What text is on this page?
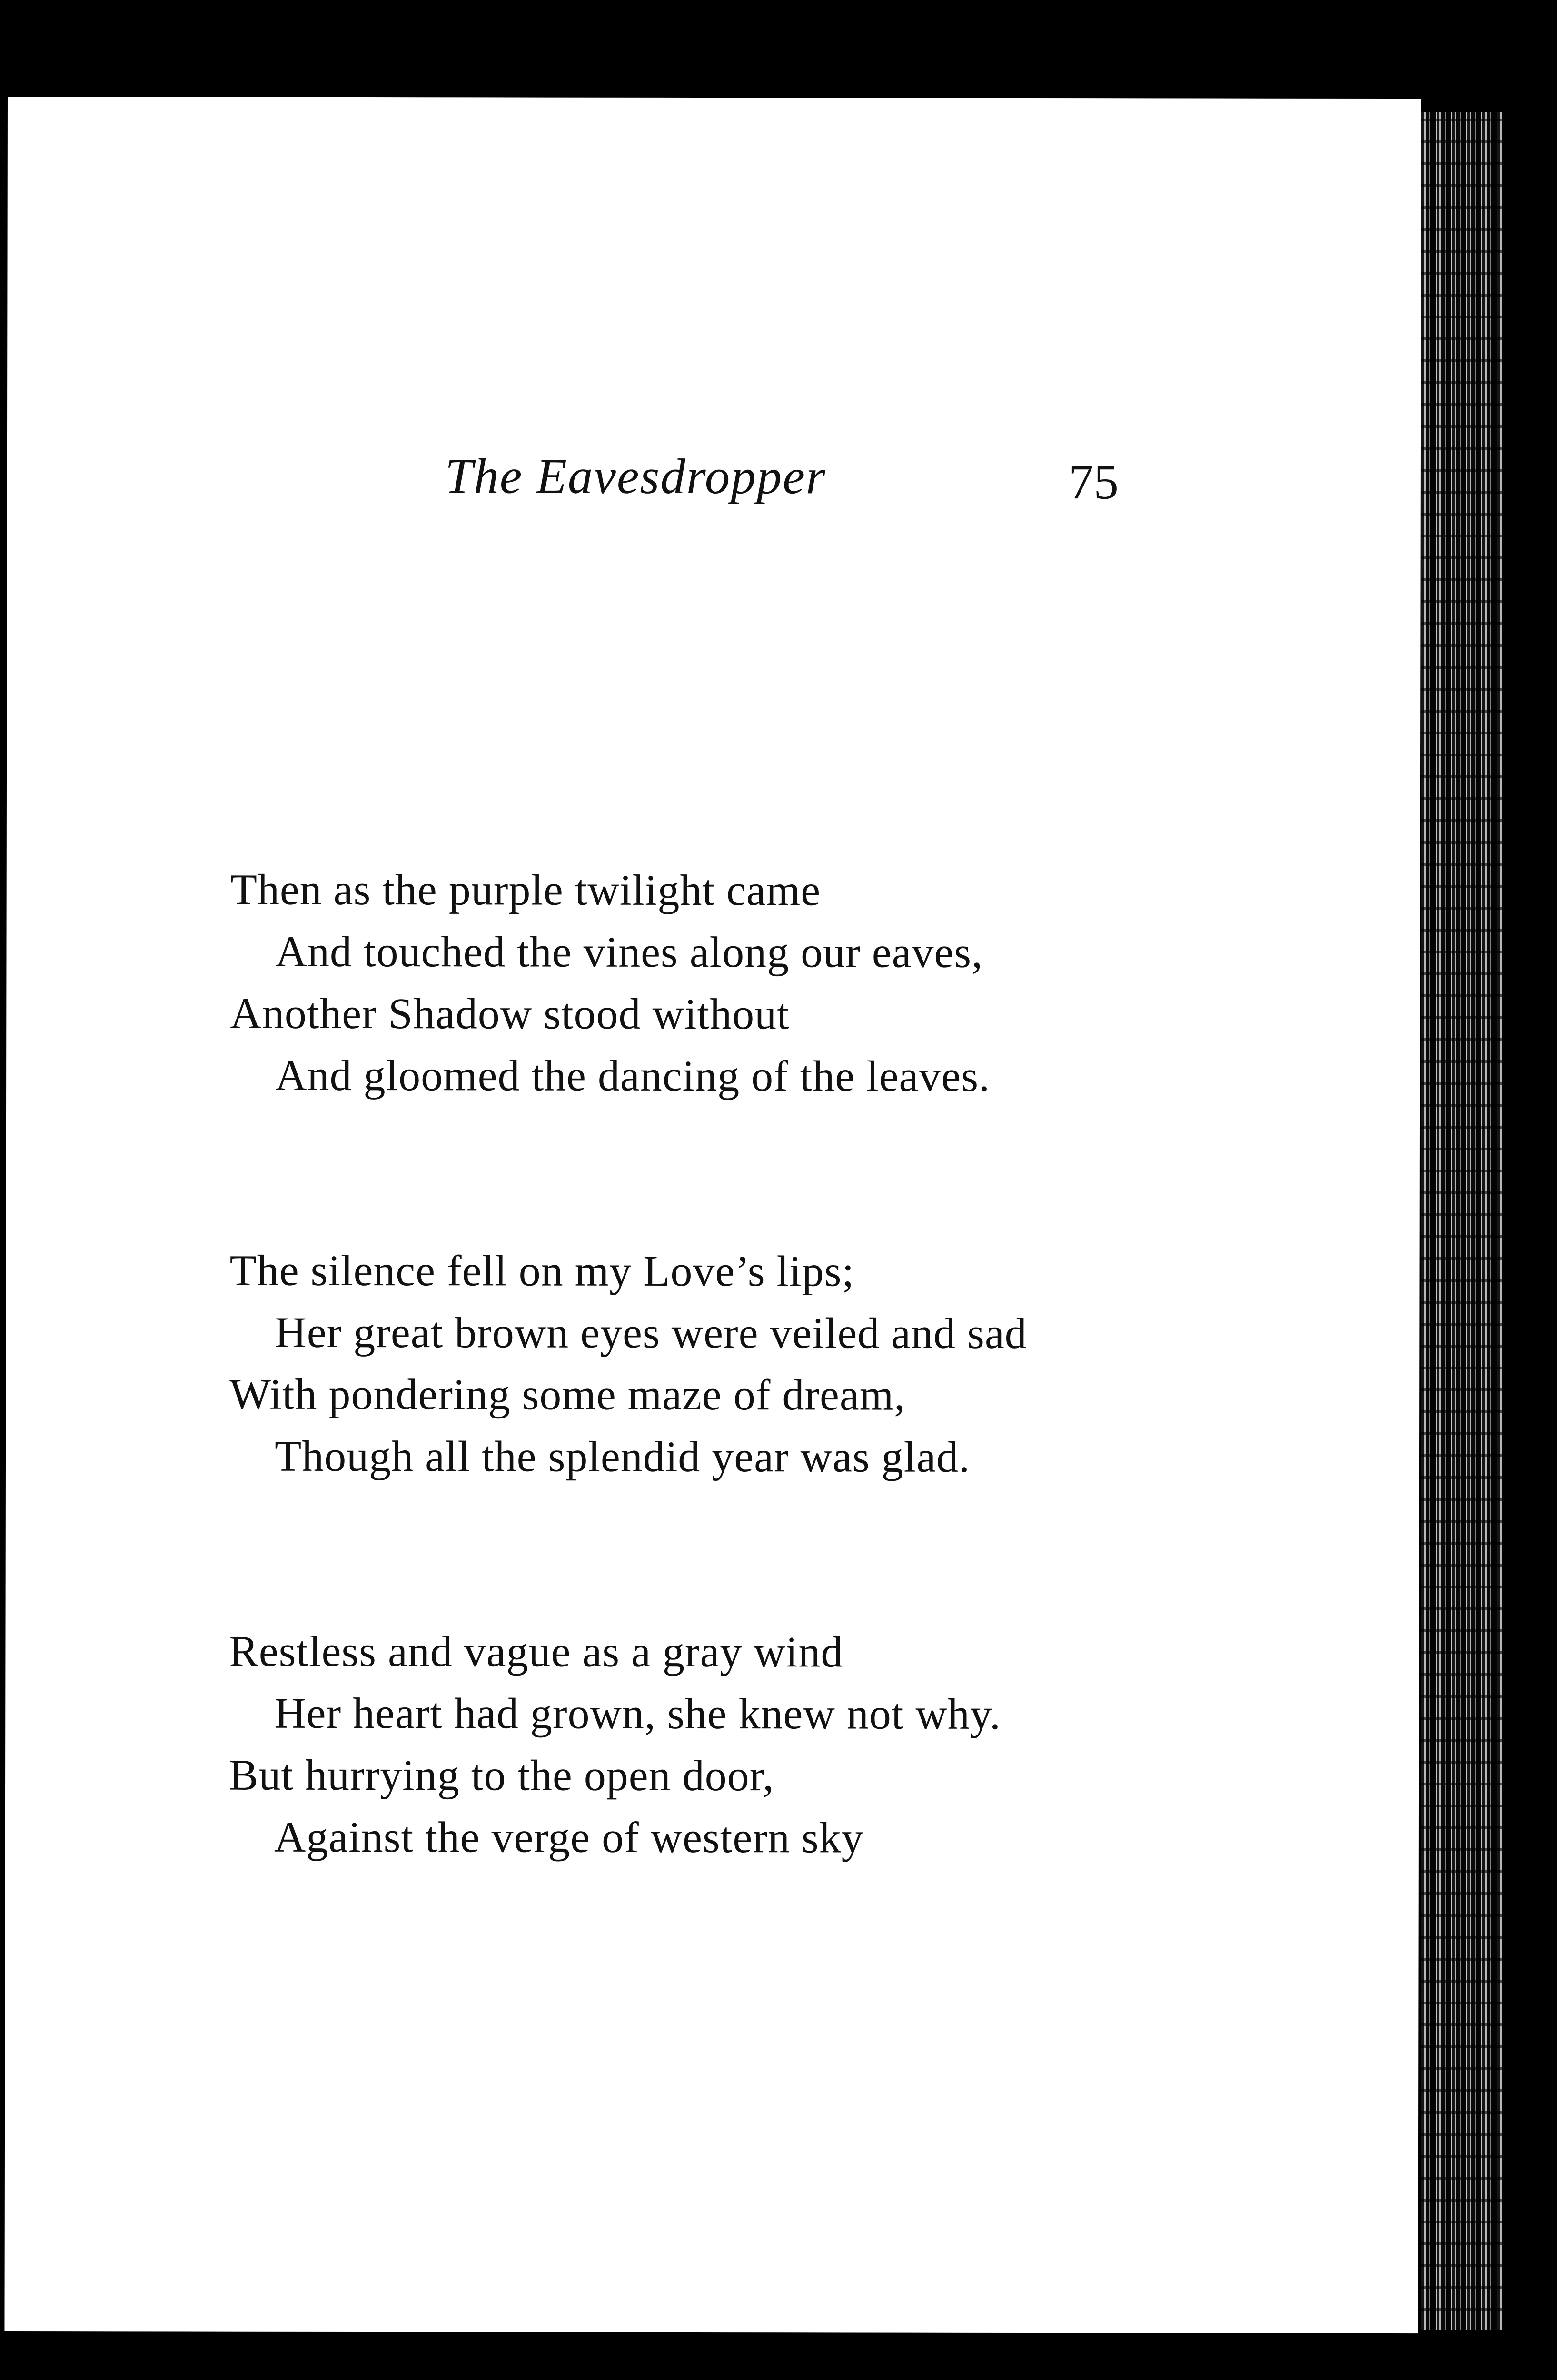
The Eavesdropper	75
Then as the purple twilight came
And touched the vines along our eaves,
Another Shadow stood without
And gloomed the dancing of the leaves.
The silence fell on my Love’s lips;
Her great brown eyes were veiled and sad
With pondering some maze of dream,
Though all the splendid year was glad.
Restless and vague as a gray wind
Her heart had grown, she knew not why.
But hurrying to the open door,
Against the verge of western sky
